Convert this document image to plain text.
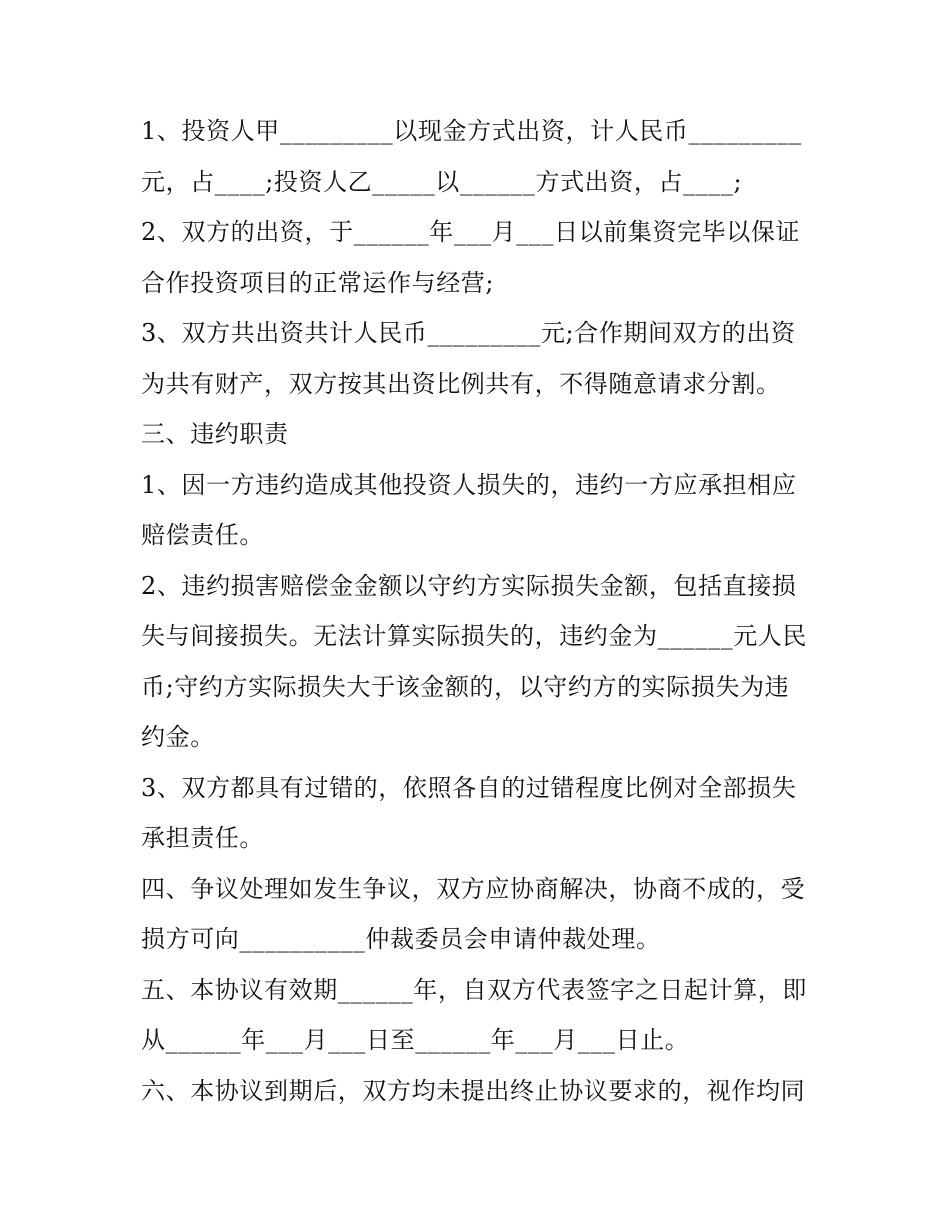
1、投资人甲_________以现金方式出资，计人民币_________
元，占____;投资人乙_____以______方式出资，占____;
2、双方的出资，于______年___月___日以前集资完毕以保证
合作投资项目的正常运作与经营;
3、双方共出资共计人民币_________元;合作期间双方的出资
为共有财产，双方按其出资比例共有，不得随意请求分割。
三、违约职责
1、因一方违约造成其他投资人损失的，违约一方应承担相应
赔偿责任。
2、违约损害赔偿金金额以守约方实际损失金额，包括直接损
失与间接损失。无法计算实际损失的，违约金为______元人民
币;守约方实际损失大于该金额的，以守约方的实际损失为违
约金。
3、双方都具有过错的，依照各自的过错程度比例对全部损失
承担责任。
四、争议处理如发生争议，双方应协商解决，协商不成的，受
损方可向__________仲裁委员会申请仲裁处理。
五、本协议有效期______年，自双方代表签字之日起计算，即
从______年___月___日至______年___月___日止。
六、本协议到期后，双方均未提出终止协议要求的，视作均同
